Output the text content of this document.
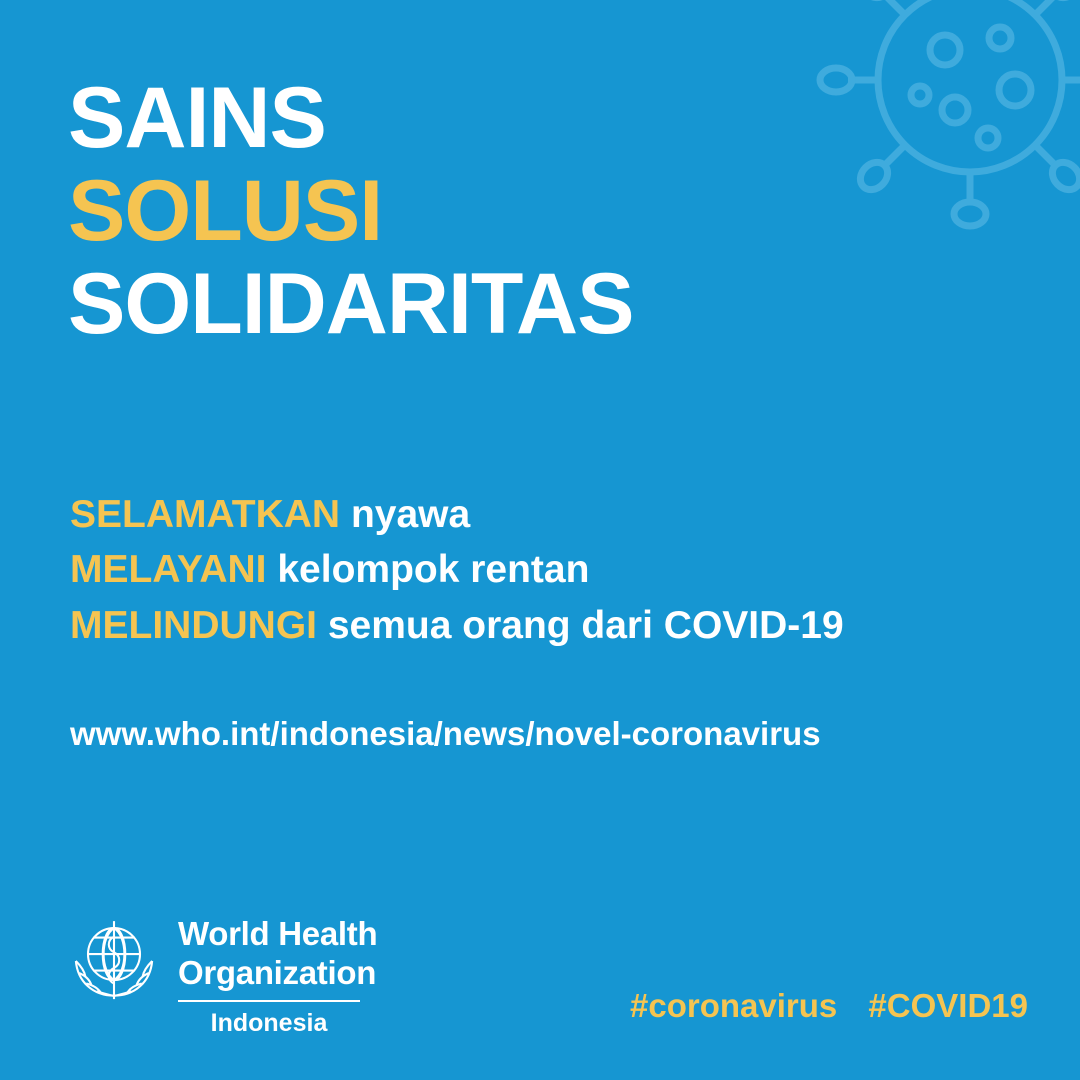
SAINS
SOLUSI
SOLIDARITAS
SELAMATKAN nyawa
MELAYANI kelompok rentan
MELINDUNGI semua orang dari COVID-19
www.who.int/indonesia/news/novel-coronavirus
World Health
Organization
Indonesia	#coronavirus #COVID19
